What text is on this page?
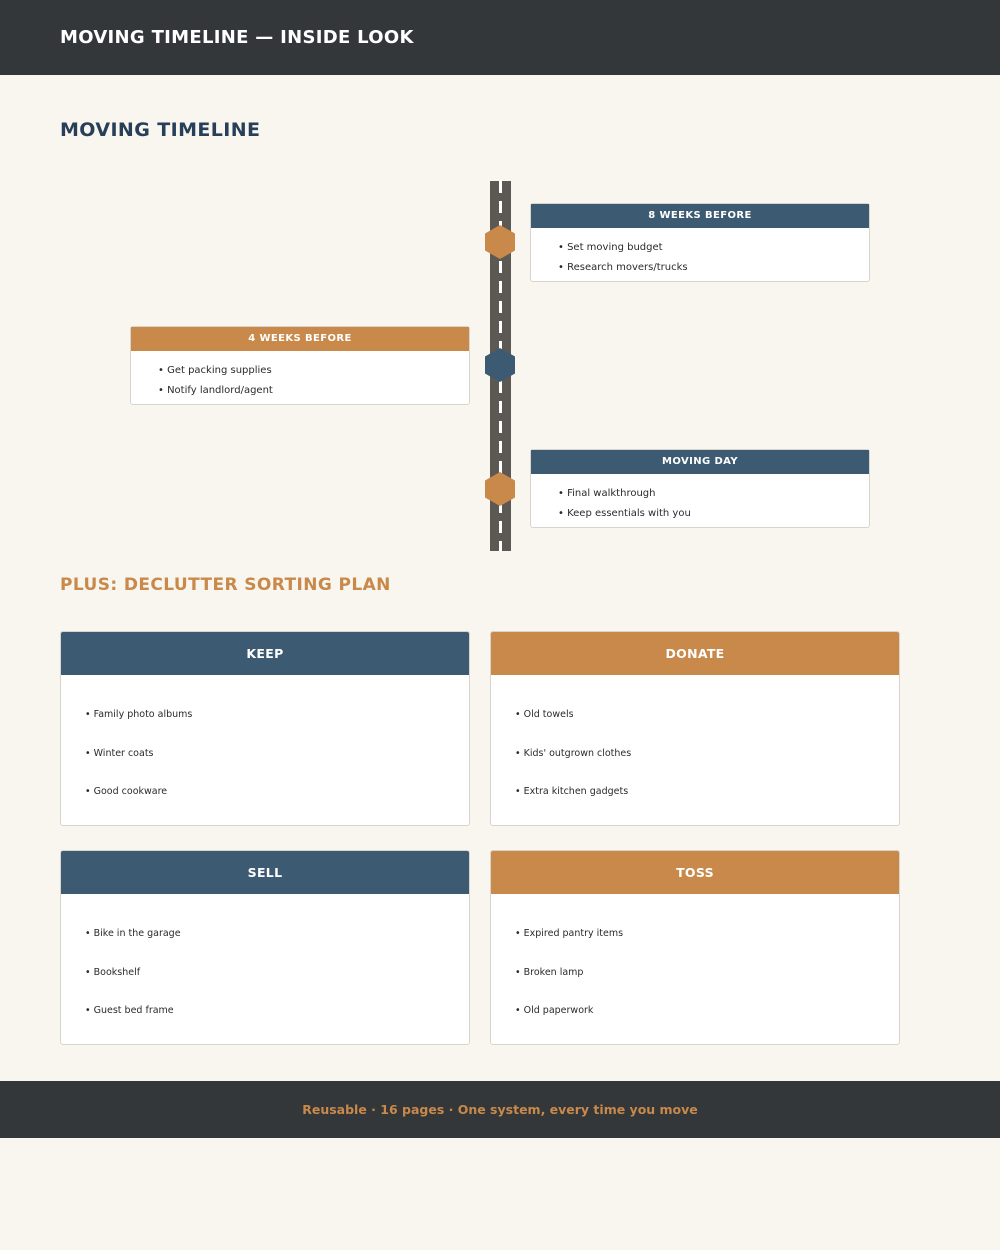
MOVING TIMELINE — INSIDE LOOK
MOVING TIMELINE
8 WEEKS BEFORE
• Set moving budget
• Research movers/trucks
4 WEEKS BEFORE
• Get packing supplies
• Notify landlord/agent
MOVING DAY
• Final walkthrough
• Keep essentials with you
PLUS: DECLUTTER SORTING PLAN
KEEP
• Family photo albums
• Winter coats
• Good cookware
DONATE
• Old towels
• Kids' outgrown clothes
• Extra kitchen gadgets
SELL
• Bike in the garage
• Bookshelf
• Guest bed frame
TOSS
• Expired pantry items
• Broken lamp
• Old paperwork
Reusable · 16 pages · One system, every time you move
